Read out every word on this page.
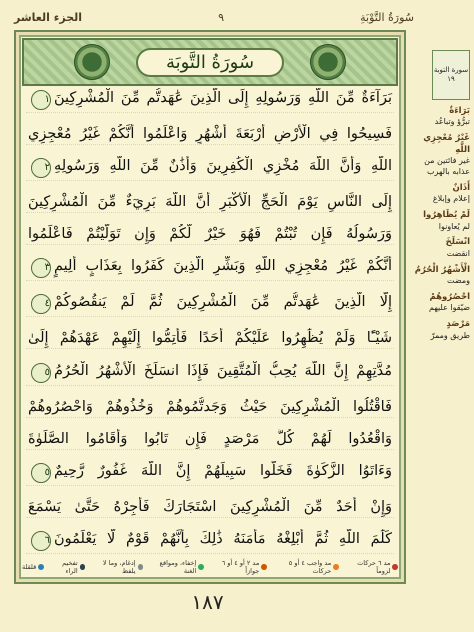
سُورَةُ التَّوْبَةِ
٩
الجزء العاشر
سُورَةُ التَّوبَة
بَرَآءَةٌ مِّنَ اللَّهِ وَرَسُولِهِ إِلَى الَّذِينَ عَٰهَدتُّم مِّنَ الْمُشْرِكِينَ١
فَسِيحُوا فِي الْأَرْضِ أَرْبَعَةَ أَشْهُرٍ وَاعْلَمُوا أَنَّكُمْ غَيْرُ مُعْجِزِي
اللَّهِ وَأَنَّ اللَّهَ مُخْزِي الْكَٰفِرِينَ وَأَذَٰنٌ مِّنَ اللَّهِ وَرَسُولِهِ٢
إِلَى النَّاسِ يَوْمَ الْحَجِّ الْأَكْبَرِ أَنَّ اللَّهَ بَرِيٓءٌ مِّنَ الْمُشْرِكِينَ
وَرَسُولُهُ فَإِن تُبْتُمْ فَهُوَ خَيْرٌ لَّكُمْ وَإِن تَوَلَّيْتُمْ فَاعْلَمُوا
أَنَّكُمْ غَيْرُ مُعْجِزِي اللَّهِ وَبَشِّرِ الَّذِينَ كَفَرُوا بِعَذَابٍ أَلِيمٍ٣
إِلَّا الَّذِينَ عَٰهَدتُّم مِّنَ الْمُشْرِكِينَ ثُمَّ لَمْ يَنقُصُوكُمْ٤
شَيْـًٔا وَلَمْ يُظَٰهِرُوا عَلَيْكُمْ أَحَدًا فَأَتِمُّوا إِلَيْهِمْ عَهْدَهُمْ إِلَىٰ
مُدَّتِهِمْ إِنَّ اللَّهَ يُحِبُّ الْمُتَّقِينَ فَإِذَا انسَلَخَ الْأَشْهُرُ الْحُرُمُ٥
فَاقْتُلُوا الْمُشْرِكِينَ حَيْثُ وَجَدتُّمُوهُمْ وَخُذُوهُمْ وَاحْصُرُوهُمْ
وَاقْعُدُوا لَهُمْ كُلَّ مَرْصَدٍ فَإِن تَابُوا وَأَقَامُوا الصَّلَوٰةَ
وَءَاتَوُا الزَّكَوٰةَ فَخَلُّوا سَبِيلَهُمْ إِنَّ اللَّهَ غَفُورٌ رَّحِيمٌ٥
وَإِنْ أَحَدٌ مِّنَ الْمُشْرِكِينَ اسْتَجَارَكَ فَأَجِرْهُ حَتَّىٰ يَسْمَعَ
كَلَٰمَ اللَّهِ ثُمَّ أَبْلِغْهُ مَأْمَنَهُ ذَٰلِكَ بِأَنَّهُمْ قَوْمٌ لَّا يَعْلَمُونَ٦
مد ٦ حركات لزوماً
مد واجب ٤ أو ٥ حركات
مد ٢ أو ٤ أو ٦ جوازاً
إخفاء، ومواقع الغنة
إدغام، وما لا يلفظ
تفخيم الراء
قلقلة
سورة التوبة ١٩
بَرَاءَةٌ
تبرُّؤ وتباعُد
غَيْرُ مُعْجِزِي اللَّهِ
غير فائتين من عذابه بالهرب
أَذَانٌ
إعلام وإبلاغ
لَمْ يُظَاهِرُوا
لم يُعاونوا
انْسَلَخَ
انقضت
الْأَشْهُرُ الْحُرُمُ
ومضت
احْصُرُوهُمْ
ضيّقوا عليهم
مَرْصَدٍ
طريق وممرّ
١٨٧
